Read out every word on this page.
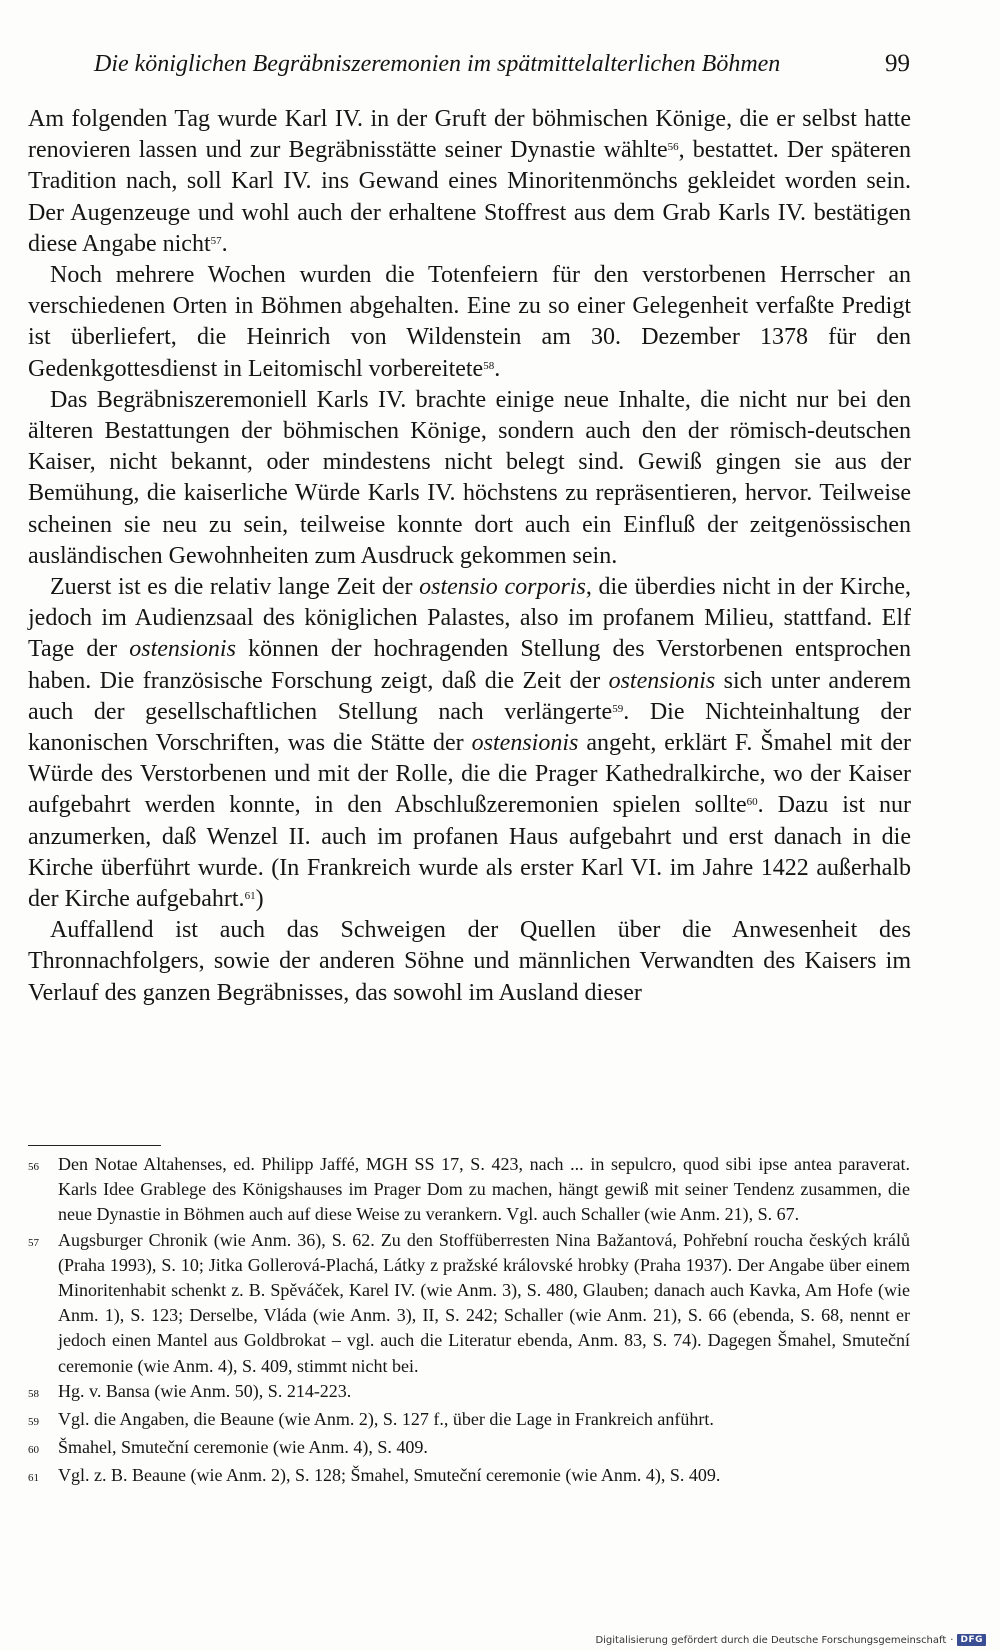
Die königlichen Begräbniszeremonien im spätmittelalterlichen Böhmen	99

Am folgenden Tag wurde Karl IV. in der Gruft der böhmischen Könige, die er selbst hatte renovieren lassen und zur Begräbnisstätte seiner Dynastie wählte$^{56}$, bestattet. Der späteren Tradition nach, soll Karl IV. ins Gewand eines Minoritenmönchs gekleidet worden sein. Der Augenzeuge und wohl auch der erhaltene Stoffrest aus dem Grab Karls IV. bestätigen diese Angabe nicht$^{57}$.

Noch mehrere Wochen wurden die Totenfeiern für den verstorbenen Herrscher an verschiedenen Orten in Böhmen abgehalten. Eine zu so einer Gelegenheit verfaßte Predigt ist überliefert, die Heinrich von Wildenstein am 30. Dezember 1378 für den Gedenkgottesdienst in Leitomischl vorbereitete$^{58}$.

Das Begräbniszeremoniell Karls IV. brachte einige neue Inhalte, die nicht nur bei den älteren Bestattungen der böhmischen Könige, sondern auch den der römisch-deutschen Kaiser, nicht bekannt, oder mindestens nicht belegt sind. Gewiß gingen sie aus der Bemühung, die kaiserliche Würde Karls IV. höchstens zu repräsentieren, hervor. Teilweise scheinen sie neu zu sein, teilweise konnte dort auch ein Einfluß der zeitgenössischen ausländischen Gewohnheiten zum Ausdruck gekommen sein.

Zuerst ist es die relativ lange Zeit der ostensio corporis, die überdies nicht in der Kirche, jedoch im Audienzsaal des königlichen Palastes, also im profanem Milieu, stattfand. Elf Tage der ostensionis können der hochragenden Stellung des Verstorbenen entsprochen haben. Die französische Forschung zeigt, daß die Zeit der ostensionis sich unter anderem auch der gesellschaftlichen Stellung nach verlängerte$^{59}$. Die Nichteinhaltung der kanonischen Vorschriften, was die Stätte der ostensionis angeht, erklärt F. Šmahel mit der Würde des Verstorbenen und mit der Rolle, die die Prager Kathedralkirche, wo der Kaiser aufgebahrt werden konnte, in den Abschlußzeremonien spielen sollte$^{60}$. Dazu ist nur anzumerken, daß Wenzel II. auch im profanen Haus aufgebahrt und erst danach in die Kirche überführt wurde. (In Frankreich wurde als erster Karl VI. im Jahre 1422 außerhalb der Kirche aufgebahrt.$^{61}$)

Auffallend ist auch das Schweigen der Quellen über die Anwesenheit des Thronnachfolgers, sowie der anderen Söhne und männlichen Verwandten des Kaisers im Verlauf des ganzen Begräbnisses, das sowohl im Ausland dieser

56	Den Notae Altahenses, ed. Philipp Jaffé, MGH SS 17, S. 423, nach ... in sepulcro, quod sibi ipse antea paraverat. Karls Idee Grablege des Königshauses im Prager Dom zu machen, hängt gewiß mit seiner Tendenz zusammen, die neue Dynastie in Böhmen auch auf diese Weise zu verankern. Vgl. auch Schaller (wie Anm. 21), S. 67.
57	Augsburger Chronik (wie Anm. 36), S. 62. Zu den Stoffüberresten Nina Bažantová, Pohřební roucha českých králů (Praha 1993), S. 10; Jitka Gollerová-Plachá, Látky z pražské královské hrobky (Praha 1937). Der Angabe über einem Minoritenhabit schenkt z. B. Spěváček, Karel IV. (wie Anm. 3), S. 480, Glauben; danach auch Kavka, Am Hofe (wie Anm. 1), S. 123; Derselbe, Vláda (wie Anm. 3), II, S. 242; Schaller (wie Anm. 21), S. 66 (ebenda, S. 68, nennt er jedoch einen Mantel aus Goldbrokat – vgl. auch die Literatur ebenda, Anm. 83, S. 74). Dagegen Šmahel, Smuteční ceremonie (wie Anm. 4), S. 409, stimmt nicht bei.
58	Hg. v. Bansa (wie Anm. 50), S. 214-223.
59	Vgl. die Angaben, die Beaune (wie Anm. 2), S. 127 f., über die Lage in Frankreich anführt.
60	Šmahel, Smuteční ceremonie (wie Anm. 4), S. 409.
61	Vgl. z. B. Beaune (wie Anm. 2), S. 128; Šmahel, Smuteční ceremonie (wie Anm. 4), S. 409.
Digitalisierung gefördert durch die Deutsche Forschungsgemeinschaft · DFG
